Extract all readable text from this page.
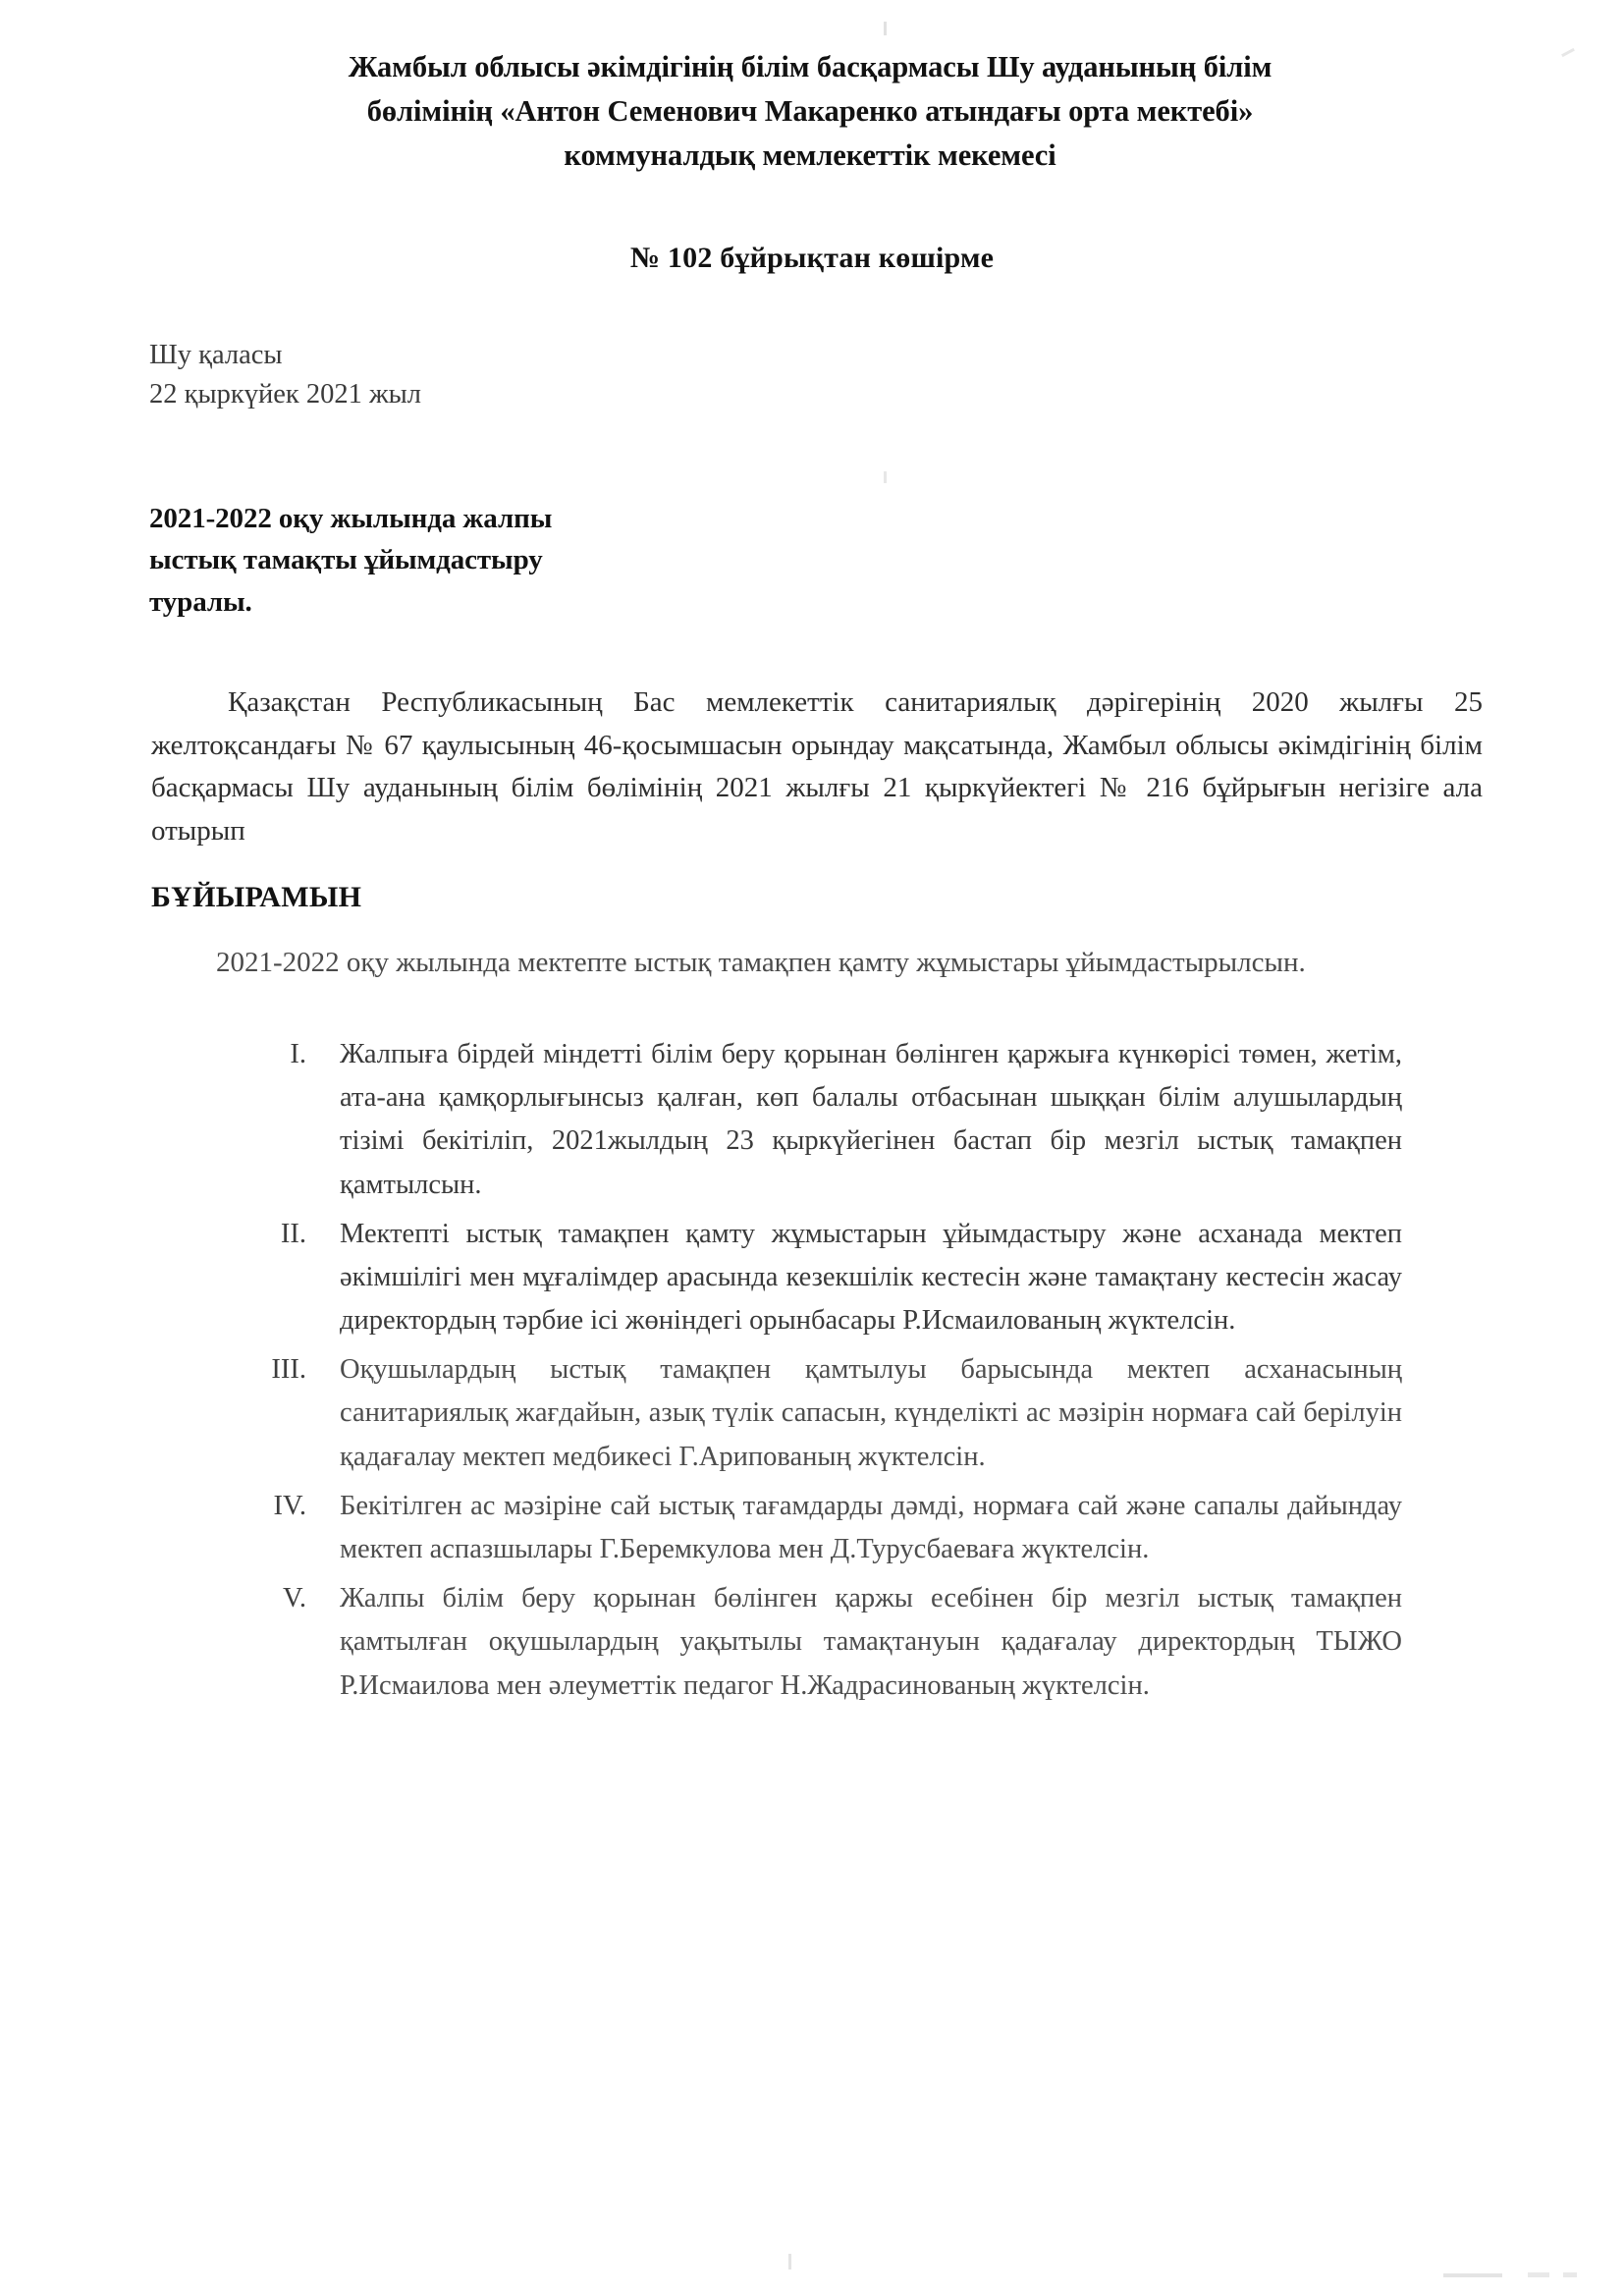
Жамбыл облысы әкімдігінің білім басқармасы Шу ауданының білім
бөлімінің «Антон Семенович Макаренко атындағы орта мектебі»
коммуналдық мемлекеттік мекемесі
№ 102 бұйрықтан көшірме
Шу қаласы
22 қыркүйек 2021 жыл
2021-2022 оқу жылында жалпы
ыстық тамақты ұйымдастыру
туралы.

Қазақстан Республикасының Бас мемлекеттік санитариялық дәрігерінің 2020 жылғы 25 желтоқсандағы № 67 қаулысының 46-қосымшасын орындау мақсатында, Жамбыл облысы әкімдігінің білім басқармасы Шу ауданының білім бөлімінің 2021 жылғы 21 қыркүйектегі № 216 бұйрығын негізіге ала отырып

БҰЙЫРАМЫН

2021-2022 оқу жылында мектепте ыстық тамақпен қамту жұмыстары ұйымдастырылсын.

I.	Жалпыға бірдей міндетті білім беру қорынан бөлінген қаржыға күнкөрісі төмен, жетім, ата-ана қамқорлығынсыз қалған, көп балалы отбасынан шыққан білім алушылардың тізімі бекітіліп, 2021жылдың 23 қыркүйегінен бастап бір мезгіл ыстық тамақпен қамтылсын.
II.	Мектепті ыстық тамақпен қамту жұмыстарын ұйымдастыру және асханада мектеп әкімшілігі мен мұғалімдер арасында кезекшілік кестесін және тамақтану кестесін жасау директордың тәрбие ісі жөніндегі орынбасары Р.Исмаилованың жүктелсін.
III.	Оқушылардың ыстық тамақпен қамтылуы барысында мектеп асханасының санитариялық жағдайын, азық түлік сапасын, күнделікті ас мәзірін нормаға сай берілуін қадағалау мектеп медбикесі Г.Арипованың жүктелсін.
IV.	Бекітілген ас мәзіріне сай ыстық тағамдарды дәмді, нормаға сай және сапалы дайындау мектеп аспазшылары Г.Беремкулова мен Д.Турусбаеваға жүктелсін.
V.	Жалпы білім беру қорынан бөлінген қаржы есебінен бір мезгіл ыстық тамақпен қамтылған оқушылардың уақытылы тамақтануын қадағалау директордың ТЫЖО Р.Исмаилова мен әлеуметтік педагог Н.Жадрасинованың жүктелсін.
